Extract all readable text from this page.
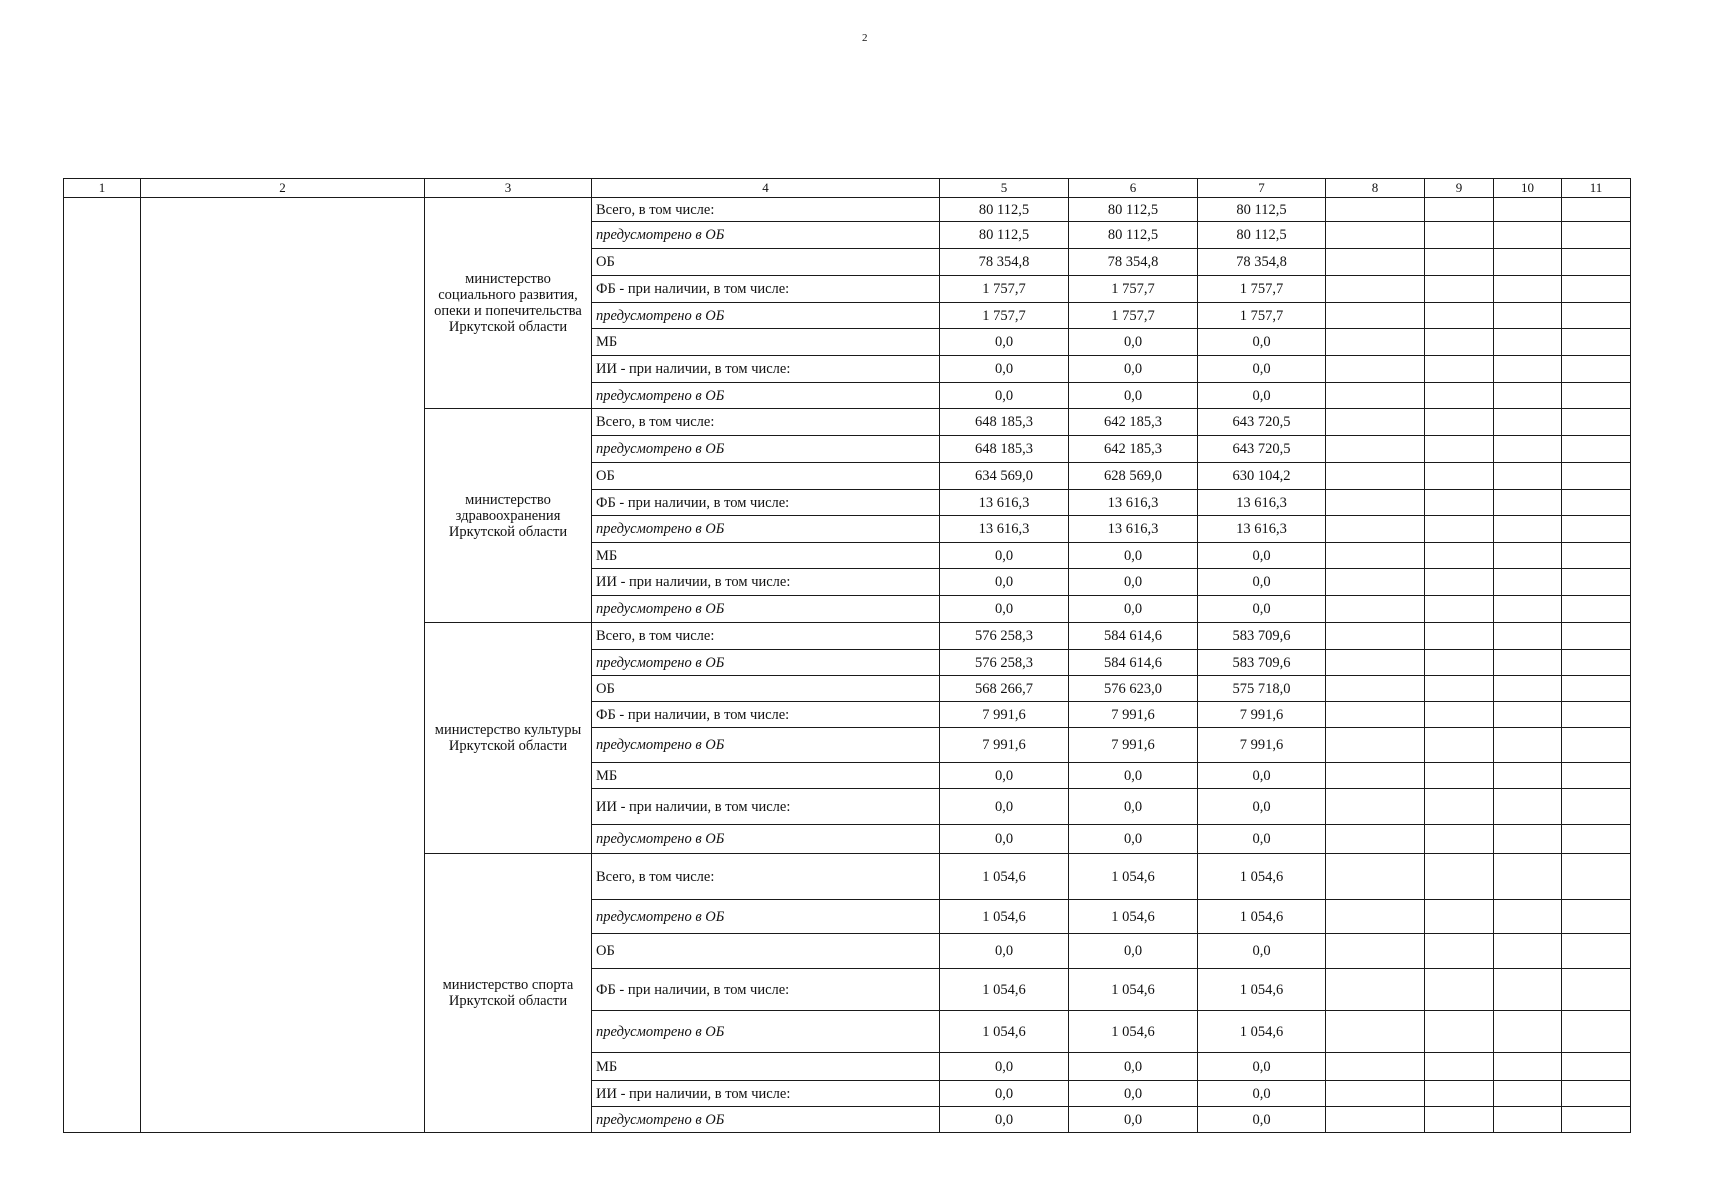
2
1	2	3	4	5	6	7	8	9	10	11
		министерство социального развития, опеки и попечительства Иркутской области	Всего, в том числе:	80 112,5	80 112,5	80 112,5				
			предусмотрено в ОБ	80 112,5	80 112,5	80 112,5				
			ОБ	78 354,8	78 354,8	78 354,8				
			ФБ - при наличии, в том числе:	1 757,7	1 757,7	1 757,7				
			предусмотрено в ОБ	1 757,7	1 757,7	1 757,7				
			МБ	0,0	0,0	0,0				
			ИИ - при наличии, в том числе:	0,0	0,0	0,0				
			предусмотрено в ОБ	0,0	0,0	0,0				
		министерство здравоохранения Иркутской области	Всего, в том числе:	648 185,3	642 185,3	643 720,5				
			предусмотрено в ОБ	648 185,3	642 185,3	643 720,5				
			ОБ	634 569,0	628 569,0	630 104,2				
			ФБ - при наличии, в том числе:	13 616,3	13 616,3	13 616,3				
			предусмотрено в ОБ	13 616,3	13 616,3	13 616,3				
			МБ	0,0	0,0	0,0				
			ИИ - при наличии, в том числе:	0,0	0,0	0,0				
			предусмотрено в ОБ	0,0	0,0	0,0				
		министерство культуры Иркутской области	Всего, в том числе:	576 258,3	584 614,6	583 709,6				
			предусмотрено в ОБ	576 258,3	584 614,6	583 709,6				
			ОБ	568 266,7	576 623,0	575 718,0				
			ФБ - при наличии, в том числе:	7 991,6	7 991,6	7 991,6				
			предусмотрено в ОБ	7 991,6	7 991,6	7 991,6				
			МБ	0,0	0,0	0,0				
			ИИ - при наличии, в том числе:	0,0	0,0	0,0				
			предусмотрено в ОБ	0,0	0,0	0,0				
		министерство спорта Иркутской области	Всего, в том числе:	1 054,6	1 054,6	1 054,6				
			предусмотрено в ОБ	1 054,6	1 054,6	1 054,6				
			ОБ	0,0	0,0	0,0				
			ФБ - при наличии, в том числе:	1 054,6	1 054,6	1 054,6				
			предусмотрено в ОБ	1 054,6	1 054,6	1 054,6				
			МБ	0,0	0,0	0,0				
			ИИ - при наличии, в том числе:	0,0	0,0	0,0				
			предусмотрено в ОБ	0,0	0,0	0,0				
